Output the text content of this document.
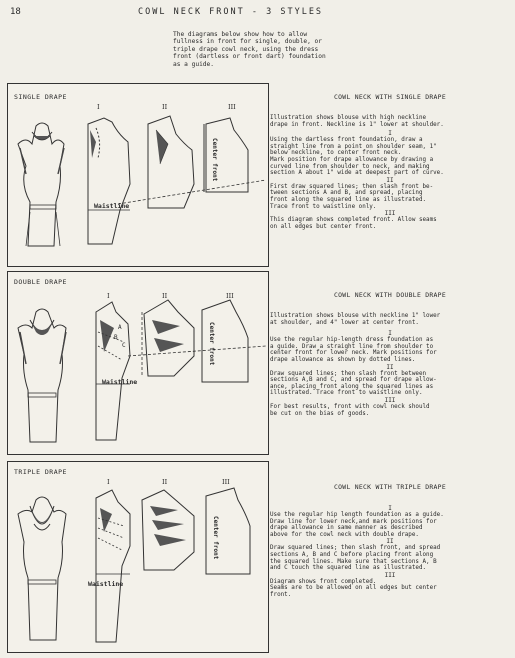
18	COWL NECK FRONT - 3 STYLES
The diagrams below show how to allow
fullness in front for single, double, or
triple drape cowl neck, using the dress
front (dartless or front dart) foundation
as a guide.
SINGLE DRAPE
I	II	III
Center front
Waistline
DOUBLE DRAPE
I	II	III
A
B
C	Center front
Waistline
TRIPLE DRAPE
I	II	III
Center front
Waistline
COWL NECK WITH SINGLE DRAPE
Illustration shows blouse with high neckline
drape in front. Neckline is 1" lower at shoulder.
I
Using the dartless front foundation, draw a
straight line from a point on shoulder seam, 1"
below neckline, to center front neck.
Mark position for drape allowance by drawing a
curved line from shoulder to neck, and making
section A about 1" wide at deepest part of curve.
II
First draw squared lines; then slash front be-
tween sections A and B, and spread, placing
front along the squared line as illustrated.
Trace front to waistline only.
III
This diagram shows completed front. Allow seams
on all edges but center front.
COWL NECK WITH DOUBLE DRAPE
Illustration shows blouse with neckline 1" lower
at shoulder, and 4" lower at center front.
I
Use the regular hip-length dress foundation as
a guide. Draw a straight line from shoulder to
center front for lower neck. Mark positions for
drape allowance as shown by dotted lines.
II
Draw squared lines; then slash front between
sections A,B and C, and spread for drape allow-
ance, placing front along the squared lines as
illustrated. Trace front to waistline only.
III
For best results, front with cowl neck should
be cut on the bias of goods.
COWL NECK WITH TRIPLE DRAPE
I
Use the regular hip length foundation as a guide.
Draw line for lower neck,and mark positions for
drape allowance in same manner as described
above for the cowl neck with double drape.
II
Draw squared lines; then slash front, and spread
sections A, B and C before placing front along
the squared lines. Make sure that sections A, B
and C touch the squared line as illustrated.
III
Diagram shows front completed.
Seams are to be allowed on all edges but center
front.
